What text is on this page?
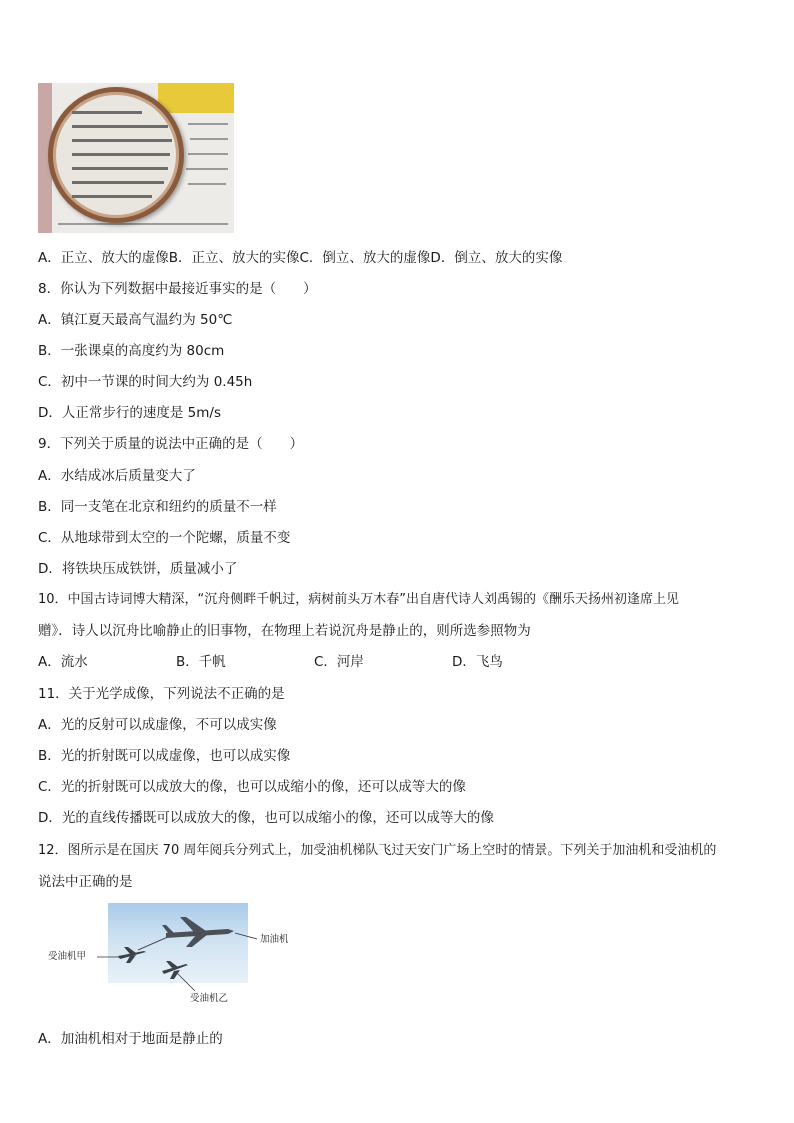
A．正立、放大的虚像B．正立、放大的实像C．倒立、放大的虚像D．倒立、放大的实像
8．你认为下列数据中最接近事实的是（　　）
A．镇江夏天最高气温约为 50℃
B．一张课桌的高度约为 80cm
C．初中一节课的时间大约为 0.45h
D．人正常步行的速度是 5m/s
9．下列关于质量的说法中正确的是（　　）
A．水结成冰后质量变大了
B．同一支笔在北京和纽约的质量不一样
C．从地球带到太空的一个陀螺，质量不变
D．将铁块压成铁饼，质量减小了
10．中国古诗词博大精深，“沉舟侧畔千帆过，病树前头万木春”出自唐代诗人刘禹锡的《酬乐天扬州初逢席上见
赠》．诗人以沉舟比喻静止的旧事物，在物理上若说沉舟是静止的，则所选参照物为
A．流水	B．千帆	C．河岸	D．飞鸟
11．关于光学成像，下列说法不正确的是
A．光的反射可以成虚像，不可以成实像
B．光的折射既可以成虚像，也可以成实像
C．光的折射既可以成放大的像，也可以成缩小的像，还可以成等大的像
D．光的直线传播既可以成放大的像，也可以成缩小的像，还可以成等大的像
12．图所示是在国庆 70 周年阅兵分列式上，加受油机梯队飞过天安门广场上空时的情景。下列关于加油机和受油机的
说法中正确的是
加油机
受油机甲
受油机乙
A．加油机相对于地面是静止的
